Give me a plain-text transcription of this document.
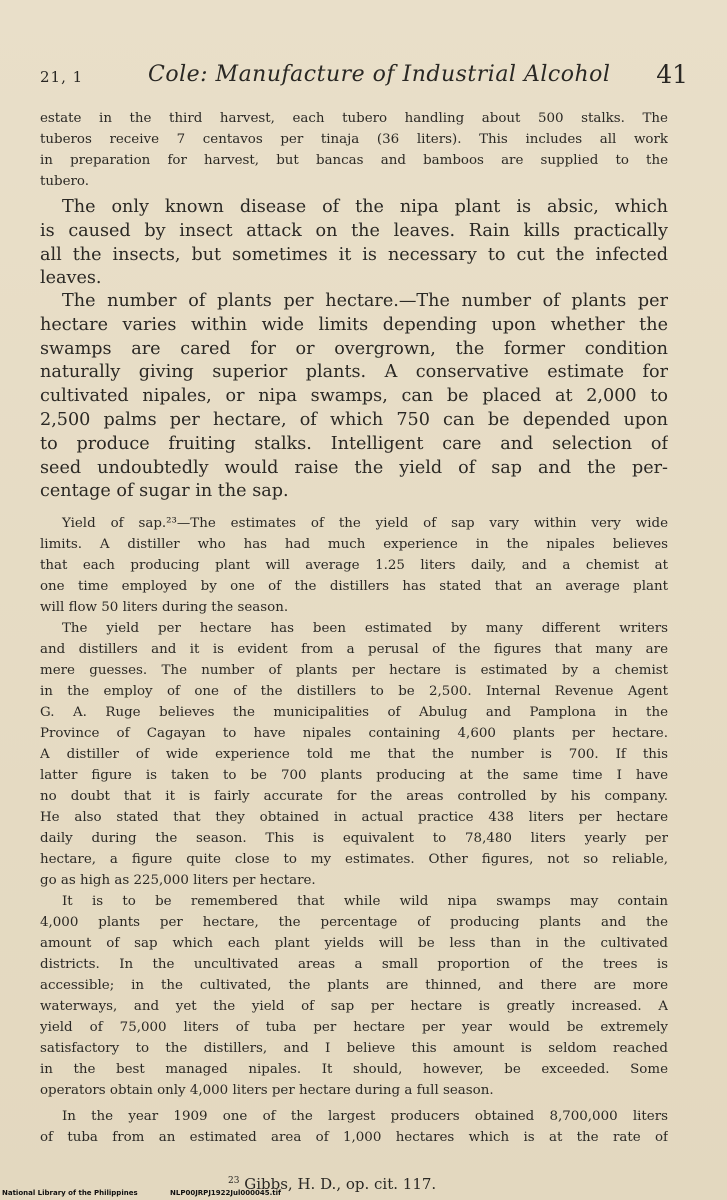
21, 1	Cole: Manufacture of Industrial Alcohol 41
estate in the third harvest, each tubero handling about 500 stalks. The
tuberos receive 7 centavos per tinaja (36 liters). This includes all work
in preparation for harvest, but bancas and bamboos are supplied to the
tubero.
The only known disease of the nipa plant is absic, which
is caused by insect attack on the leaves. Rain kills practically
all the insects, but sometimes it is necessary to cut the infected
leaves.
The number of plants per hectare.—The number of plants per
hectare varies within wide limits depending upon whether the
swamps are cared for or overgrown, the former condition
naturally giving superior plants. A conservative estimate for
cultivated nipales, or nipa swamps, can be placed at 2,000 to
2,500 palms per hectare, of which 750 can be depended upon
to produce fruiting stalks. Intelligent care and selection of
seed undoubtedly would raise the yield of sap and the per-
centage of sugar in the sap.
Yield of sap.²³—The estimates of the yield of sap vary within very wide
limits. A distiller who has had much experience in the nipales believes
that each producing plant will average 1.25 liters daily, and a chemist at
one time employed by one of the distillers has stated that an average plant
will flow 50 liters during the season.
The yield per hectare has been estimated by many different writers
and distillers and it is evident from a perusal of the figures that many are
mere guesses. The number of plants per hectare is estimated by a chemist
in the employ of one of the distillers to be 2,500. Internal Revenue Agent
G. A. Ruge believes the municipalities of Abulug and Pamplona in the
Province of Cagayan to have nipales containing 4,600 plants per hectare.
A distiller of wide experience told me that the number is 700. If this
latter figure is taken to be 700 plants producing at the same time I have
no doubt that it is fairly accurate for the areas controlled by his company.
He also stated that they obtained in actual practice 438 liters per hectare
daily during the season. This is equivalent to 78,480 liters yearly per
hectare, a figure quite close to my estimates. Other figures, not so reliable,
go as high as 225,000 liters per hectare.
It is to be remembered that while wild nipa swamps may contain
4,000 plants per hectare, the percentage of producing plants and the
amount of sap which each plant yields will be less than in the cultivated
districts. In the uncultivated areas a small proportion of the trees is
accessible; in the cultivated, the plants are thinned, and there are more
waterways, and yet the yield of sap per hectare is greatly increased. A
yield of 75,000 liters of tuba per hectare per year would be extremely
satisfactory to the distillers, and I believe this amount is seldom reached
in the best managed nipales. It should, however, be exceeded. Some
operators obtain only 4,000 liters per hectare during a full season.
In the year 1909 one of the largest producers obtained 8,700,000 liters
of tuba from an estimated area of 1,000 hectares which is at the rate of
$^{23}$ Gibbs, H. D., op. cit. 117.
National Library of the Philippines	NLP00JRPJ1922Jul000045.tif
